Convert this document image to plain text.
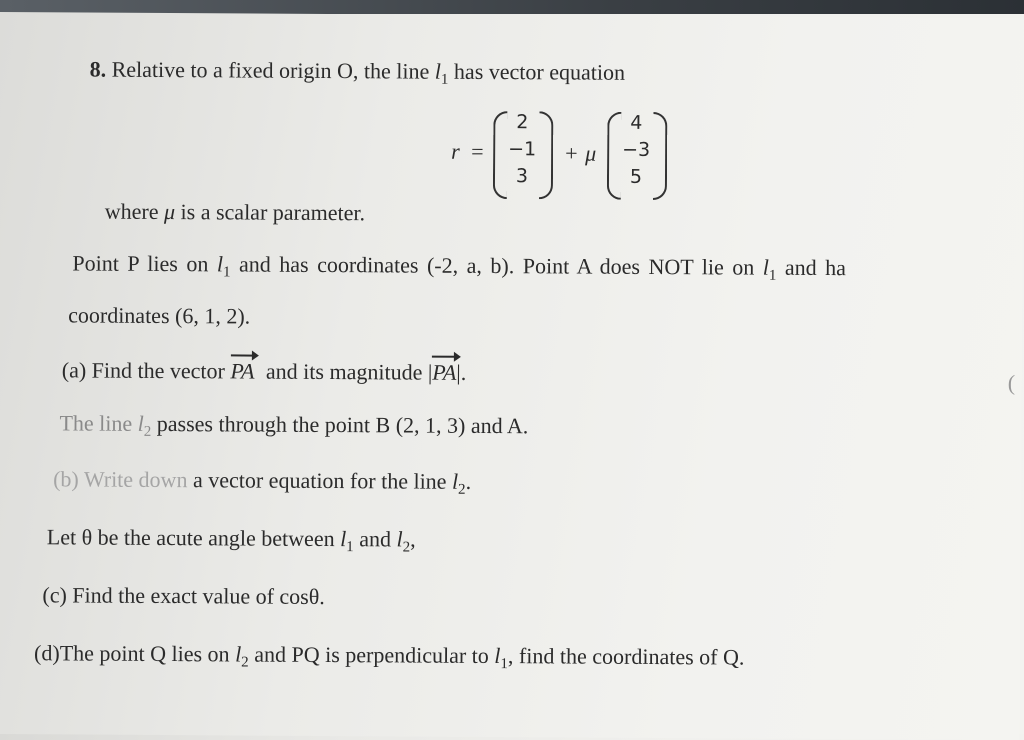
8. Relative to a fixed origin O, the line $l_1$ has vector equation
r =
2
−1
3
+ μ
4
−3
5
where μ is a scalar parameter.
Point P lies on $l_1$ and has coordinates (-2, a, b). Point A does NOT lie on $l_1$ and ha
coordinates (6, 1, 2).
(a) Find the vector PA and its magnitude |PA|.	(
The line $l_2$ passes through the point B (2, 1, 3) and A.
(b) Write down a vector equation for the line $l_2$.
Let θ be the acute angle between $l_1$ and $l_2$,
(c) Find the exact value of cosθ.
(d)The point Q lies on $l_2$ and PQ is perpendicular to $l_1$, find the coordinates of Q.
